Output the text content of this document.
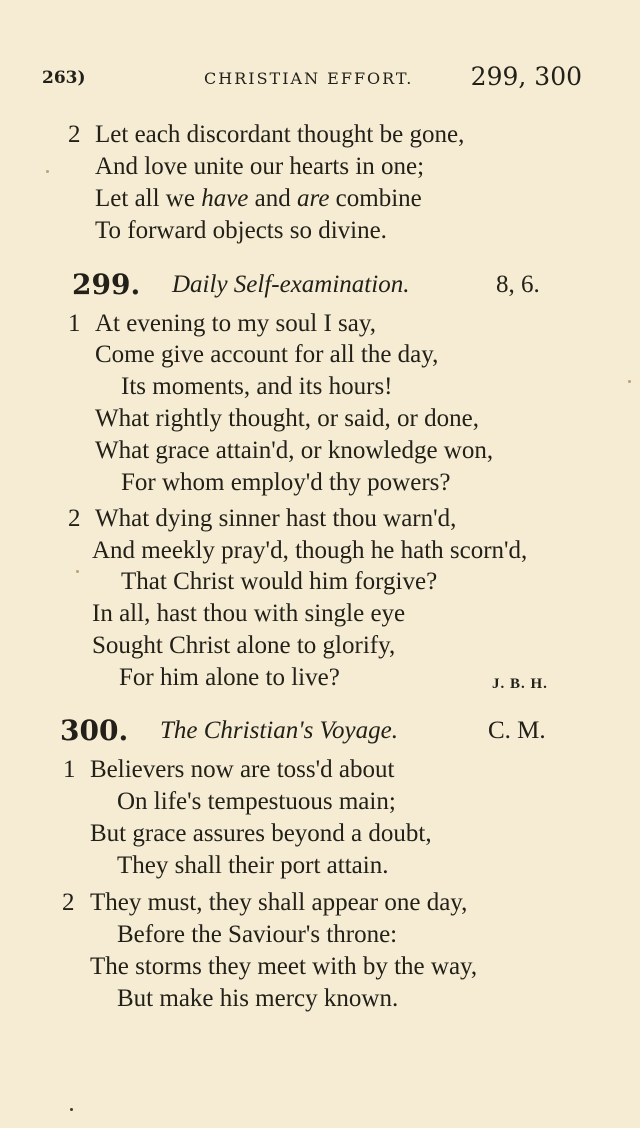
263)	CHRISTIAN EFFORT. 299, 300
2 Let each discordant thought be gone,
And love unite our hearts in one;
Let all we have and are combine
To forward objects so divine.
299. Daily Self-examination.	8, 6.
1 At evening to my soul I say,
Come give account for all the day,
Its moments, and its hours!
What rightly thought, or said, or done,
What grace attain'd, or knowledge won,
For whom employ'd thy powers?
2 What dying sinner hast thou warn'd,
And meekly pray'd, though he hath scorn'd,
That Christ would him forgive?
In all, hast thou with single eye
Sought Christ alone to glorify,
For him alone to live?	J. B. H.
300. The Christian's Voyage.	C. M.
1 Believers now are toss'd about
On life's tempestuous main;
But grace assures beyond a doubt,
They shall their port attain.
2 They must, they shall appear one day,
Before the Saviour's throne:
The storms they meet with by the way,
But make his mercy known.
